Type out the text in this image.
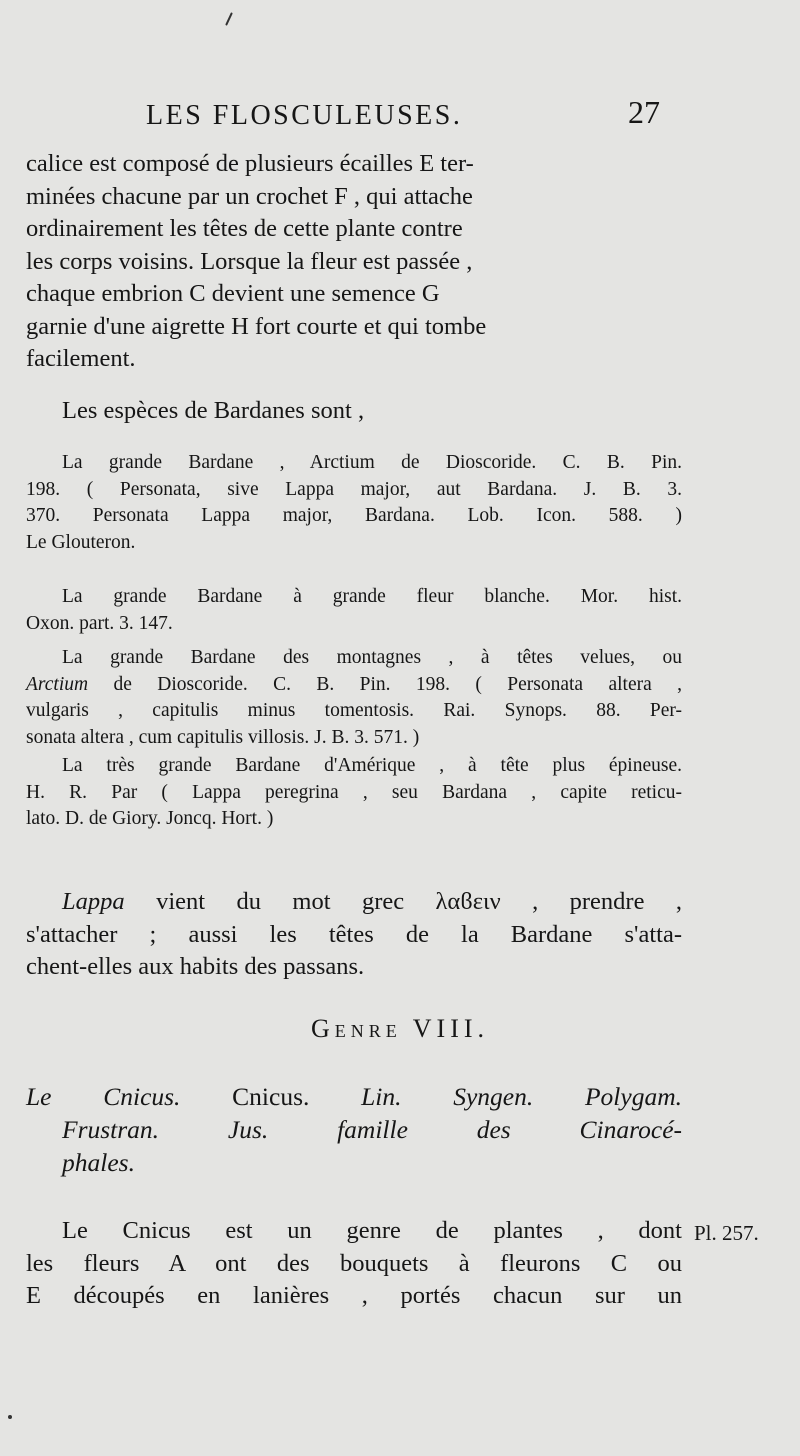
LES FLOSCULEUSES.	27

calice est composé de plusieurs écailles E ter-
minées chacune par un crochet F , qui attache
ordinairement les têtes de cette plante contre
les corps voisins. Lorsque la fleur est passée ,
chaque embrion C devient une semence G
garnie d'une aigrette H fort courte et qui tombe
facilement.

Les espèces de Bardanes sont ,

La grande Bardane , Arctium de Dioscoride. C. B. Pin.
198. ( Personata, sive Lappa major, aut Bardana. J. B. 3.
370. Personata Lappa major, Bardana. Lob. Icon. 588. )
Le Glouteron.
La grande Bardane à grande fleur blanche. Mor. hist.
Oxon. part. 3. 147.
La grande Bardane des montagnes , à têtes velues, ou
Arctium de Dioscoride. C. B. Pin. 198. ( Personata altera ,
vulgaris , capitulis minus tomentosis. Rai. Synops. 88. Per-
sonata altera , cum capitulis villosis. J. B. 3. 571. )
La très grande Bardane d'Amérique , à tête plus épineuse.
H. R. Par ( Lappa peregrina , seu Bardana , capite reticu-
lato. D. de Giory. Joncq. Hort. )
Lappa vient du mot grec λαϐειν , prendre ,
s'attacher ; aussi les têtes de la Bardane s'atta-
chent-elles aux habits des passans.
Genre VIII.
Le Cnicus. Cnicus. Lin. Syngen. Polygam.
Frustran. Jus. famille des Cinarocé-
phales.
Le Cnicus est un genre de plantes , dont
les fleurs A ont des bouquets à fleurons C ou
E découpés en lanières , portés chacun sur un
Pl. 257.
